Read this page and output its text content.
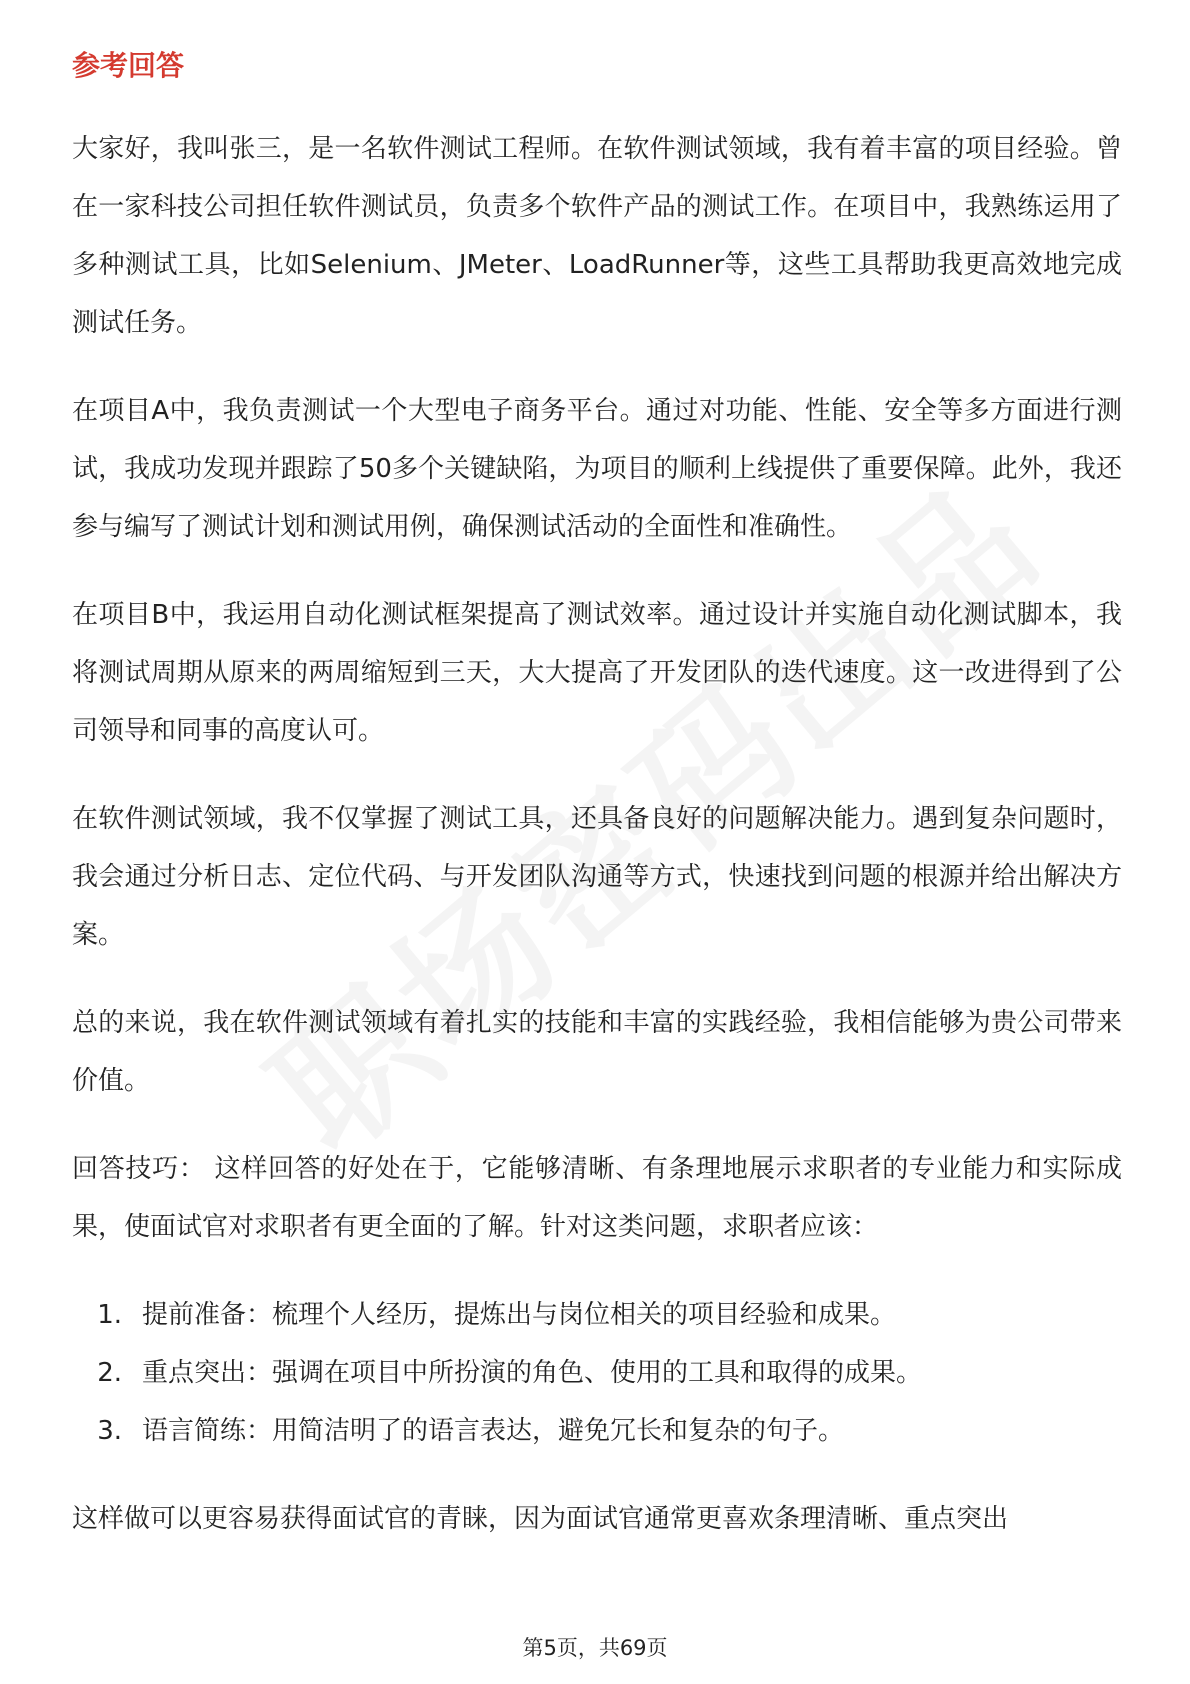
参考回答

大家好，我叫张三，是一名软件测试工程师。在软件测试领域，我有着丰富的项目经验。曾在一家科技公司担任软件测试员，负责多个软件产品的测试工作。在项目中，我熟练运用了多种测试工具，比如Selenium、JMeter、LoadRunner等，这些工具帮助我更高效地完成测试任务。

在项目A中，我负责测试一个大型电子商务平台。通过对功能、性能、安全等多方面进行测试，我成功发现并跟踪了50多个关键缺陷，为项目的顺利上线提供了重要保障。此外，我还参与编写了测试计划和测试用例，确保测试活动的全面性和准确性。

在项目B中，我运用自动化测试框架提高了测试效率。通过设计并实施自动化测试脚本，我将测试周期从原来的两周缩短到三天，大大提高了开发团队的迭代速度。这一改进得到了公司领导和同事的高度认可。

在软件测试领域，我不仅掌握了测试工具，还具备良好的问题解决能力。遇到复杂问题时，我会通过分析日志、定位代码、与开发团队沟通等方式，快速找到问题的根源并给出解决方案。

总的来说，我在软件测试领域有着扎实的技能和丰富的实践经验，我相信能够为贵公司带来价值。

回答技巧： 这样回答的好处在于，它能够清晰、有条理地展示求职者的专业能力和实际成果，使面试官对求职者有更全面的了解。针对这类问题，求职者应该：

1. 提前准备：梳理个人经历，提炼出与岗位相关的项目经验和成果。
2. 重点突出：强调在项目中所扮演的角色、使用的工具和取得的成果。
3. 语言简练：用简洁明了的语言表达，避免冗长和复杂的句子。

这样做可以更容易获得面试官的青睐，因为面试官通常更喜欢条理清晰、重点突出

第5页，共69页
